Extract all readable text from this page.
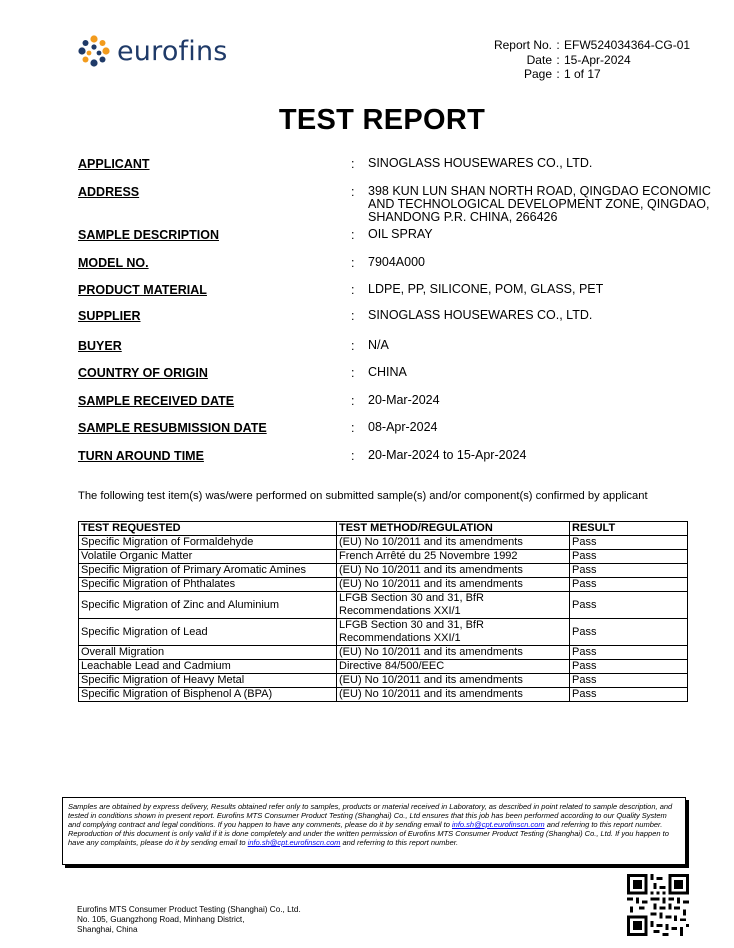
eurofins	Report No. : EFW524034364-CG-01
Date : 15-Apr-2024
Page : 1 of 17
TEST REPORT
APPLICANT	: SINOGLASS HOUSEWARES CO., LTD.
ADDRESS	: 398 KUN LUN SHAN NORTH ROAD, QINGDAO ECONOMIC AND TECHNOLOGICAL DEVELOPMENT ZONE, QINGDAO, SHANDONG P.R. CHINA, 266426
SAMPLE DESCRIPTION	: OIL SPRAY
MODEL NO.	: 7904A000
PRODUCT MATERIAL	: LDPE, PP, SILICONE, POM, GLASS, PET
SUPPLIER	: SINOGLASS HOUSEWARES CO., LTD.
BUYER	: N/A
COUNTRY OF ORIGIN	: CHINA
SAMPLE RECEIVED DATE	: 20-Mar-2024
SAMPLE RESUBMISSION DATE	: 08-Apr-2024
TURN AROUND TIME	: 20-Mar-2024 to 15-Apr-2024
The following test item(s) was/were performed on submitted sample(s) and/or component(s) confirmed by applicant
TEST REQUESTED	TEST METHOD/REGULATION	RESULT
Specific Migration of Formaldehyde	(EU) No 10/2011 and its amendments	Pass
Volatile Organic Matter	French Arrêté du 25 Novembre 1992	Pass
Specific Migration of Primary Aromatic Amines	(EU) No 10/2011 and its amendments	Pass
Specific Migration of Phthalates	(EU) No 10/2011 and its amendments	Pass
Specific Migration of Zinc and Aluminium	LFGB Section 30 and 31, BfR Recommendations XXI/1	Pass
Specific Migration of Lead	LFGB Section 30 and 31, BfR Recommendations XXI/1	Pass
Overall Migration	(EU) No 10/2011 and its amendments	Pass
Leachable Lead and Cadmium	Directive 84/500/EEC	Pass
Specific Migration of Heavy Metal	(EU) No 10/2011 and its amendments	Pass
Specific Migration of Bisphenol A (BPA)	(EU) No 10/2011 and its amendments	Pass
Samples are obtained by express delivery, Results obtained refer only to samples, products or material received in Laboratory, as described in point related to sample description, and tested in conditions shown in present report. Eurofins MTS Consumer Product Testing (Shanghai) Co., Ltd ensures that this job has been performed according to our Quality System and complying contract and legal conditions. If you happen to have any comments, please do it by sending email to info.sh@cpt.eurofinscn.com and referring to this report number. Reproduction of this document is only valid if it is done completely and under the written permission of Eurofins MTS Consumer Product Testing (Shanghai) Co., Ltd. If you happen to have any complaints, please do it by sending email to info.sh@cpt.eurofinscn.com and referring to this report number.
Eurofins MTS Consumer Product Testing (Shanghai) Co., Ltd.
No. 105, Guangzhong Road, Minhang District,
Shanghai, China
